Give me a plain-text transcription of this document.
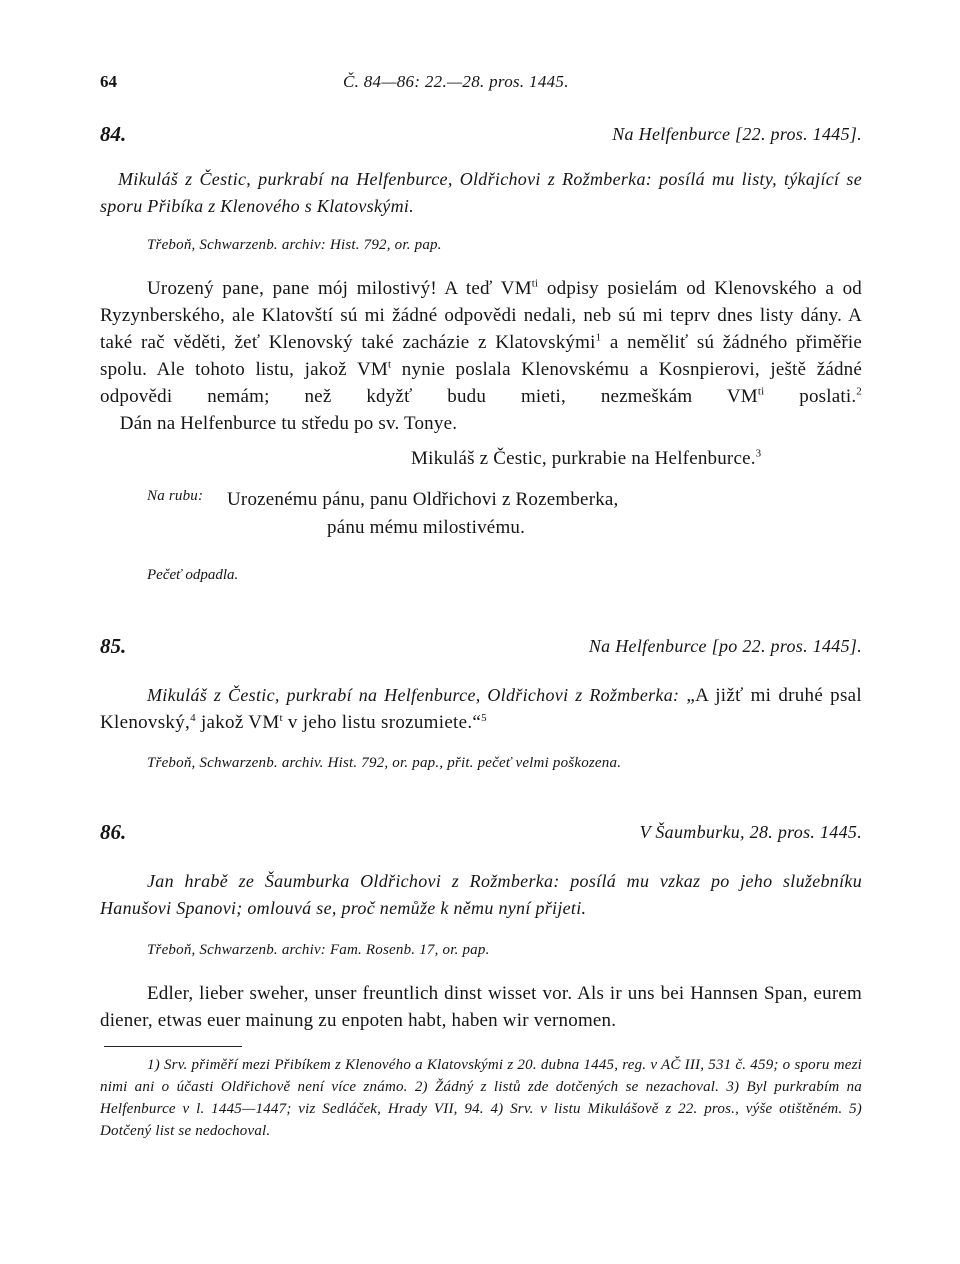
64	Č. 84—86: 22.—28. pros. 1445.
84.	Na Helfenburce [22. pros. 1445].
Mikuláš z Čestic, purkrabí na Helfenburce, Oldřichovi z Rožmberka: posílá mu listy, týkající se sporu Přibíka z Klenového s Klatovskými.
Třeboň, Schwarzenb. archiv: Hist. 792, or. pap.
Urozený pane, pane mój milostivý! A teď $VM^{ti}$ odpisy posielám od Klenovského a od Ryzynberského, ale Klatovští sú mi žádné odpovědi nedali, neb sú mi teprv dnes listy dány. A také rač věděti, žeť Klenovský také zacházie z Klatovskými$^1$ a neměliť sú žádného přiměřie spolu. Ale tohoto listu, jakož $VM^t$ nynie poslala Klenovskému a Kosnpierovi, ještě žádné odpovědi nemám; než kdyžť budu mieti, nezmeškám $VM^{ti}$ poslati.$^2$    Dán na Helfenburce tu středu po sv. Tonye.
Mikuláš z Čestic, purkrabie na Helfenburce.$^3$
Na rubu: Urozenému pánu, panu Oldřichovi z Rozemberka,
pánu mému milostivému.
Pečeť odpadla.
85.	Na Helfenburce [po 22. pros. 1445].
Mikuláš z Čestic, purkrabí na Helfenburce, Oldřichovi z Rožmberka: „A jižť mi druhé psal Klenovský,$^4$ jakož $VM^t$ v jeho listu srozumiete.“$^5$
Třeboň, Schwarzenb. archiv. Hist. 792, or. pap., přit. pečeť velmi poškozena.
86.	V Šaumburku, 28. pros. 1445.
Jan hrabě ze Šaumburka Oldřichovi z Rožmberka: posílá mu vzkaz po jeho služebníku Hanušovi Spanovi; omlouvá se, proč nemůže k němu nyní přijeti.
Třeboň, Schwarzenb. archiv: Fam. Rosenb. 17, or. pap.
Edler, lieber sweher, unser freuntlich dinst wisset vor. Als ir uns bei Hannsen Span, eurem diener, etwas euer mainung zu enpoten habt, haben wir vernomen.
1) Srv. přiměří mezi Přibíkem z Klenového a Klatovskými z 20. dubna 1445, reg. v AČ III, 531 č. 459; o sporu mezi nimi ani o účasti Oldřichově není více známo. 2) Žádný z listů zde dotčených se nezachoval. 3) Byl purkrabím na Helfenburce v l. 1445—1447; viz Sedláček, Hrady VII, 94. 4) Srv. v listu Mikulášově z 22. pros., výše otištěném. 5) Dotčený list se nedochoval.
